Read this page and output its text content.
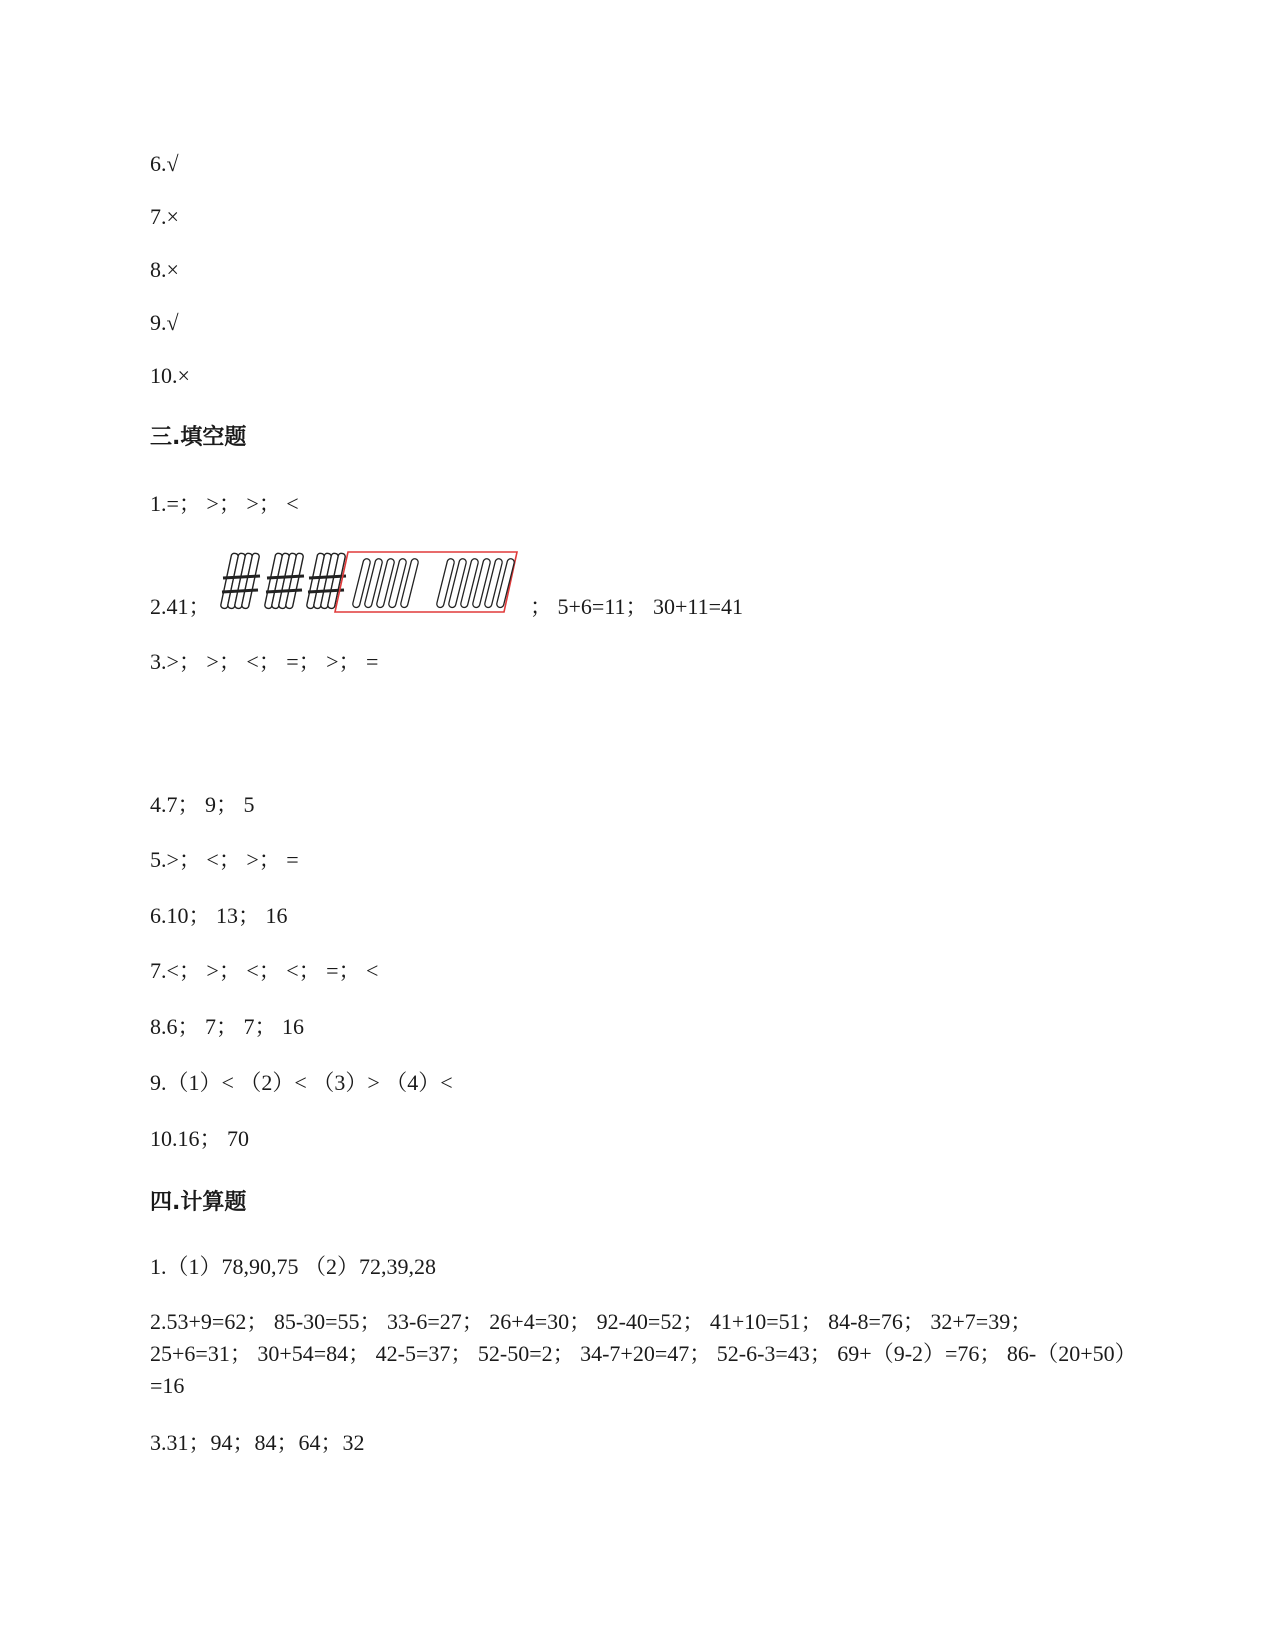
6.√
7.×
8.×
9.√
10.×
三.填空题
1.=； >； >； <
2.41；	； 5+6=11； 30+11=41
3.>； >； <； =； >； =
4.7； 9； 5
5.>； <； >； =
6.10； 13； 16
7.<； >； <； <； =； <
8.6； 7； 7； 16
9.（1）< （2）< （3）> （4）<
10.16； 70
四.计算题
1.（1）78,90,75 （2）72,39,28
2.53+9=62； 85-30=55； 33-6=27； 26+4=30； 92-40=52； 41+10=51； 84-8=76； 32+7=39； 25+6=31； 30+54=84； 42-5=37； 52-50=2； 34-7+20=47； 52-6-3=43； 69+（9-2）=76； 86-（20+50）=16
3.31；94；84；64；32
